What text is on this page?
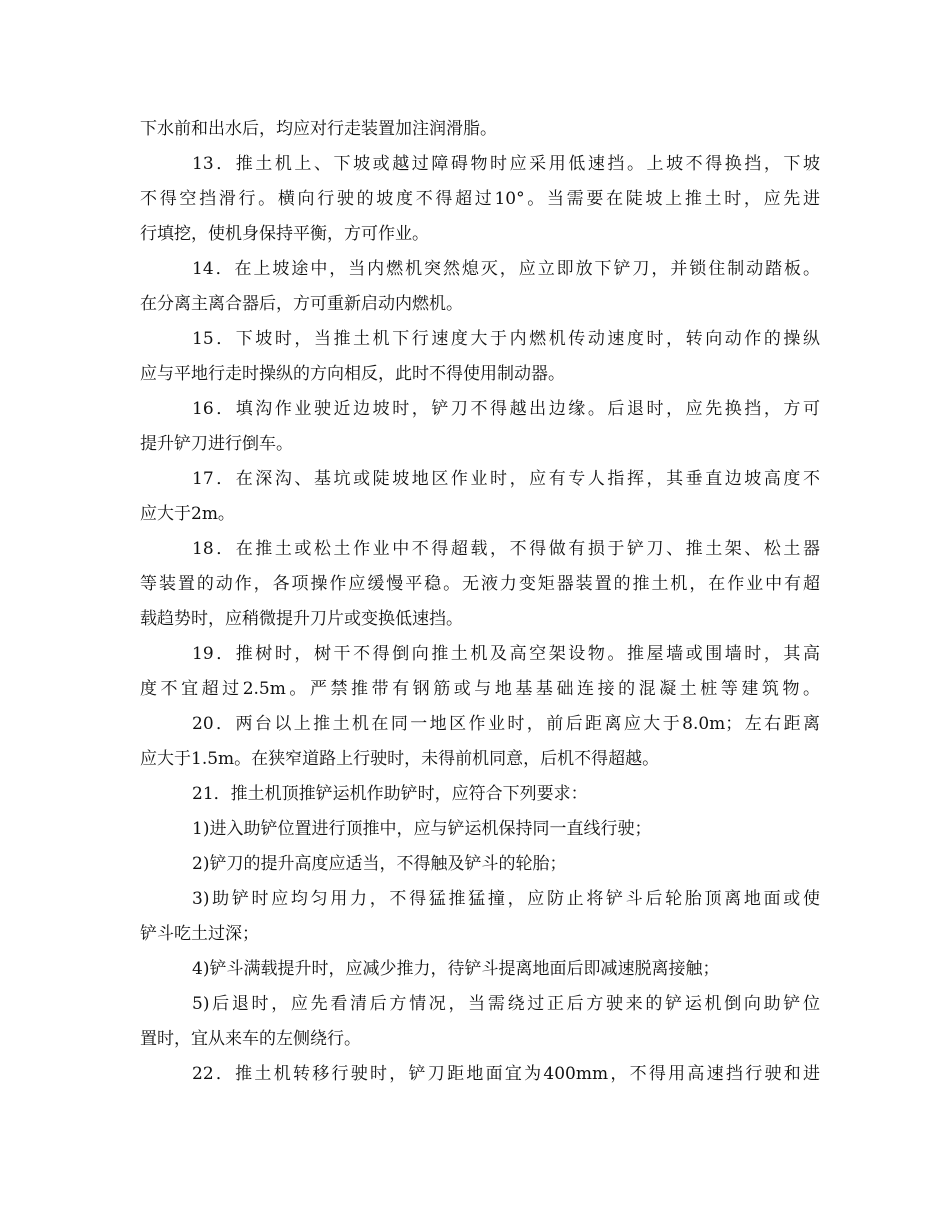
下水前和出水后，均应对行走装置加注润滑脂。
13．推土机上、下坡或越过障碍物时应采用低速挡。上坡不得换挡，下坡
不得空挡滑行。横向行驶的坡度不得超过10°。当需要在陡坡上推土时，应先进
行填挖，使机身保持平衡，方可作业。
14．在上坡途中，当内燃机突然熄灭，应立即放下铲刀，并锁住制动踏板。
在分离主离合器后，方可重新启动内燃机。
15．下坡时，当推土机下行速度大于内燃机传动速度时，转向动作的操纵
应与平地行走时操纵的方向相反，此时不得使用制动器。
16．填沟作业驶近边坡时，铲刀不得越出边缘。后退时，应先换挡，方可
提升铲刀进行倒车。
17．在深沟、基坑或陡坡地区作业时，应有专人指挥，其垂直边坡高度不
应大于2m。
18．在推土或松土作业中不得超载，不得做有损于铲刀、推土架、松土器
等装置的动作，各项操作应缓慢平稳。无液力变矩器装置的推土机，在作业中有超
载趋势时，应稍微提升刀片或变换低速挡。
19．推树时，树干不得倒向推土机及高空架设物。推屋墙或围墙时，其高
度不宜超过2.5m。严禁推带有钢筋或与地基基础连接的混凝土桩等建筑物。
20．两台以上推土机在同一地区作业时，前后距离应大于8.0m；左右距离
应大于1.5m。在狭窄道路上行驶时，未得前机同意，后机不得超越。
21．推土机顶推铲运机作助铲时，应符合下列要求：
1)进入助铲位置进行顶推中，应与铲运机保持同一直线行驶；
2)铲刀的提升高度应适当，不得触及铲斗的轮胎；
3)助铲时应均匀用力，不得猛推猛撞，应防止将铲斗后轮胎顶离地面或使
铲斗吃土过深；
4)铲斗满载提升时，应减少推力，待铲斗提离地面后即减速脱离接触；
5)后退时，应先看清后方情况，当需绕过正后方驶来的铲运机倒向助铲位
置时，宜从来车的左侧绕行。
22．推土机转移行驶时，铲刀距地面宜为400mm，不得用高速挡行驶和进
